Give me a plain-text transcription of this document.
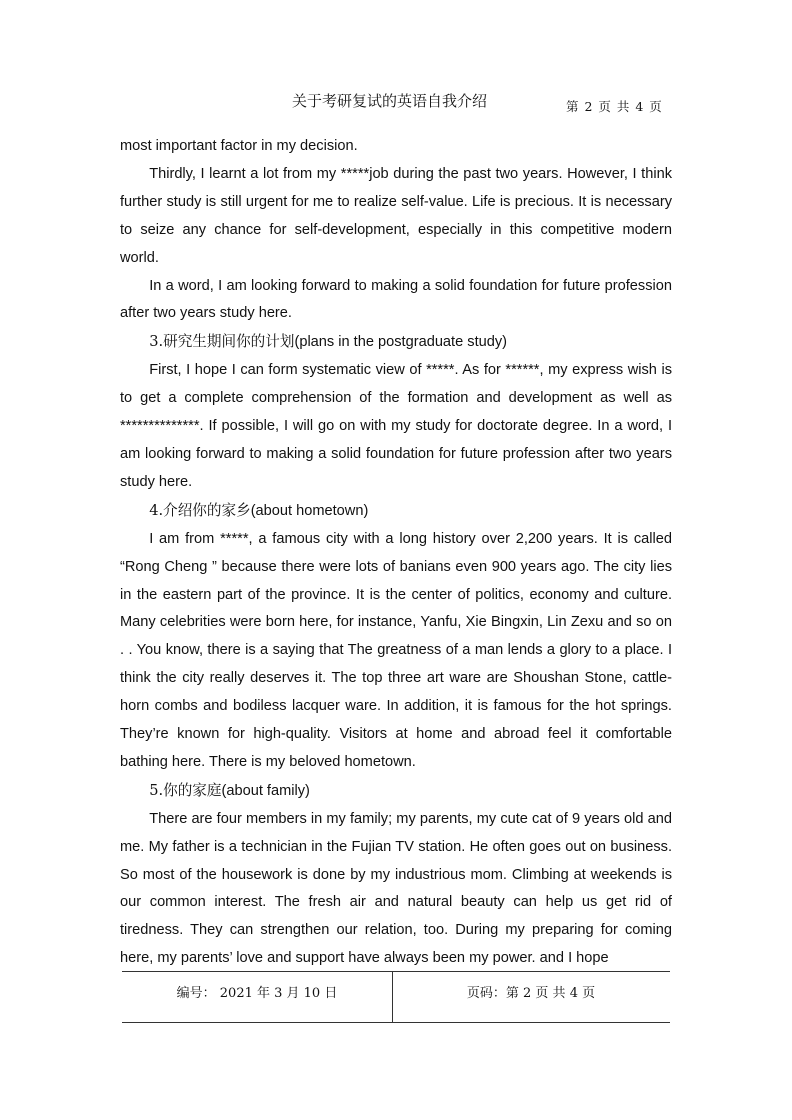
关于考研复试的英语自我介绍	第 2 页 共 4 页

most important factor in my decision.

Thirdly, I learnt a lot from my *****job during the past two years. However, I think further study is still urgent for me to realize self-value. Life is precious. It is necessary to seize any chance for self-development, especially in this competitive modern world.

In a word, I am looking forward to making a solid foundation for future profession after two years study here.

3.研究生期间你的计划(plans in the postgraduate study)

First, I hope I can form systematic view of *****. As for ******, my express wish is to get a complete comprehension of the formation and development as well as **************. If possible, I will go on with my study for doctorate degree. In a word, I am looking forward to making a solid foundation for future profession after two years study here.

4.介绍你的家乡(about hometown)

I am from *****, a famous city with a long history over 2,200 years. It is called “Rong Cheng ” because there were lots of banians even 900 years ago. The city lies in the eastern part of the province. It is the center of politics, economy and culture. Many celebrities were born here, for instance, Yanfu, Xie Bingxin, Lin Zexu and so on . . You know, there is a saying that The greatness of a man lends a glory to a place. I think the city really deserves it. The top three art ware are Shoushan Stone, cattle-horn combs and bodiless lacquer ware. In addition, it is famous for the hot springs. They’re known for high-quality. Visitors at home and abroad feel it comfortable bathing here. There is my beloved hometown.

5.你的家庭(about family)

There are four members in my family; my parents, my cute cat of 9 years old and me. My father is a technician in the Fujian TV station. He often goes out on business. So most of the housework is done by my industrious mom. Climbing at weekends is our common interest. The fresh air and natural beauty can help us get rid of tiredness. They can strengthen our relation, too. During my preparing for coming here, my parents’ love and support have always been my power. and I hope

编号： 2021 年 3 月 10 日	页码：第 2 页 共 4 页
